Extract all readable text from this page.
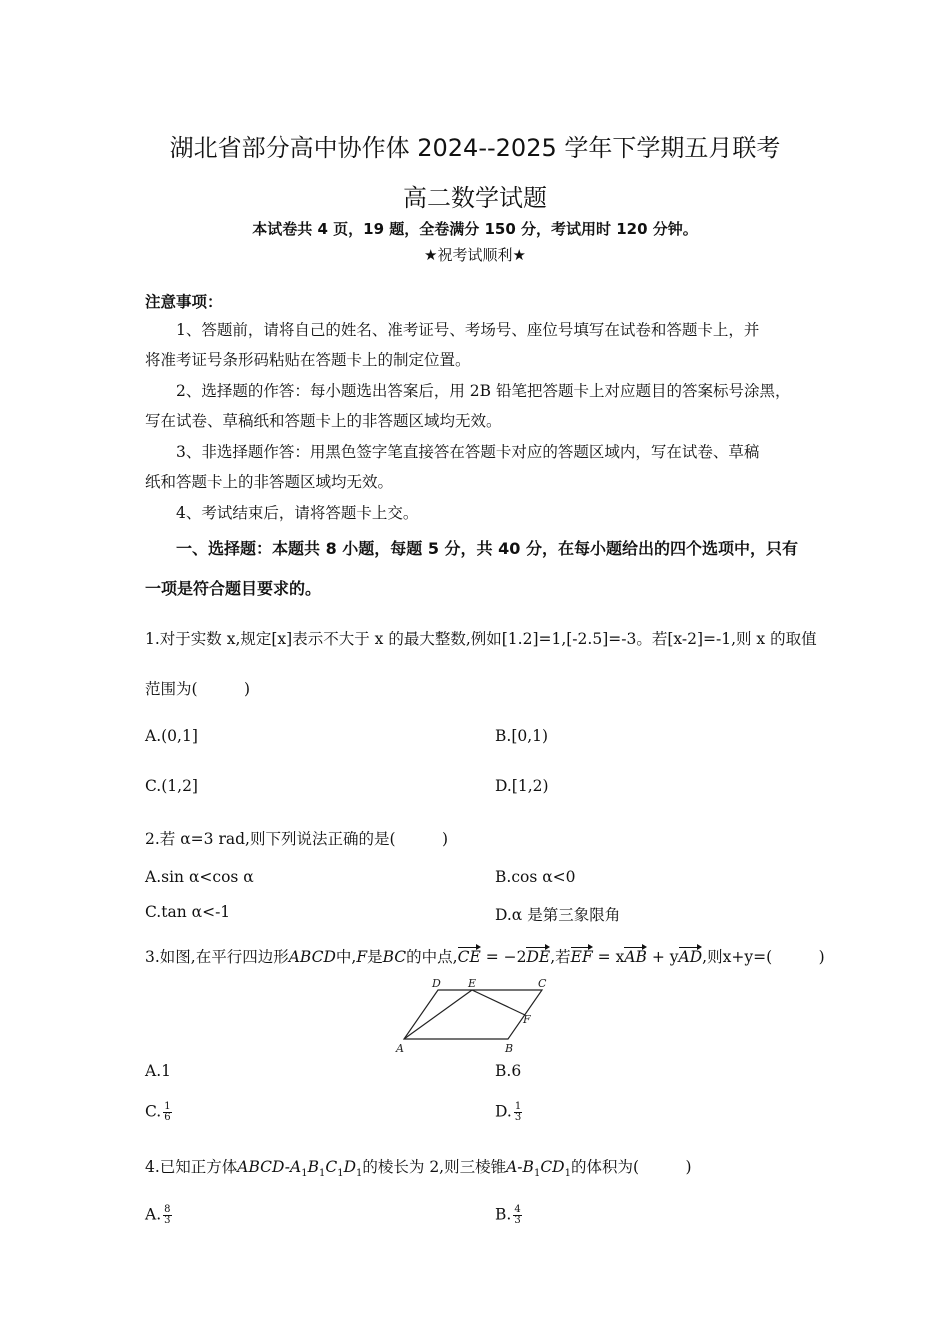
湖北省部分高中协作体 2024--2025 学年下学期五月联考
高二数学试题
本试卷共 4 页，19 题，全卷满分 150 分，考试用时 120 分钟。
★祝考试顺利★
注意事项：
1、答题前，请将自己的姓名、准考证号、考场号、座位号填写在试卷和答题卡上，并
将准考证号条形码粘贴在答题卡上的制定位置。
2、选择题的作答：每小题选出答案后，用 2B 铅笔把答题卡上对应题目的答案标号涂黑，
写在试卷、草稿纸和答题卡上的非答题区域均无效。
3、非选择题作答：用黑色签字笔直接答在答题卡对应的答题区域内，写在试卷、草稿
纸和答题卡上的非答题区域均无效。
4、考试结束后，请将答题卡上交。
一、选择题：本题共 8 小题，每题 5 分，共 40 分，在每小题给出的四个选项中，只有
一项是符合题目要求的。
1.对于实数 x,规定[x]表示不大于 x 的最大整数,例如[1.2]=1,[-2.5]=-3。若[x-2]=-1,则 x 的取值
范围为(　　　)
A.(0,1]	B.[0,1)
C.(1,2]	D.[1,2)
2.若 α=3 rad,则下列说法正确的是(　　　)
A.sin α<cos α	B.cos α<0
C.tan α<-1	D.α 是第三象限角
3.如图,在平行四边形ABCD中,F是BC的中点,CE = −2DE,若EF = xAB + yAD,则x+y=(　　　)
A	B
C
D E
F
A.1	B.6
C. $\frac{1}{6}$	D. $\frac{1}{3}$
4.已知正方体ABCD-$A_1B_1C_1D_1$的棱长为 2,则三棱锥$A-B_1CD_1$的体积为(　　　)
A. $\frac{8}{3}$	B. $\frac{4}{3}$
